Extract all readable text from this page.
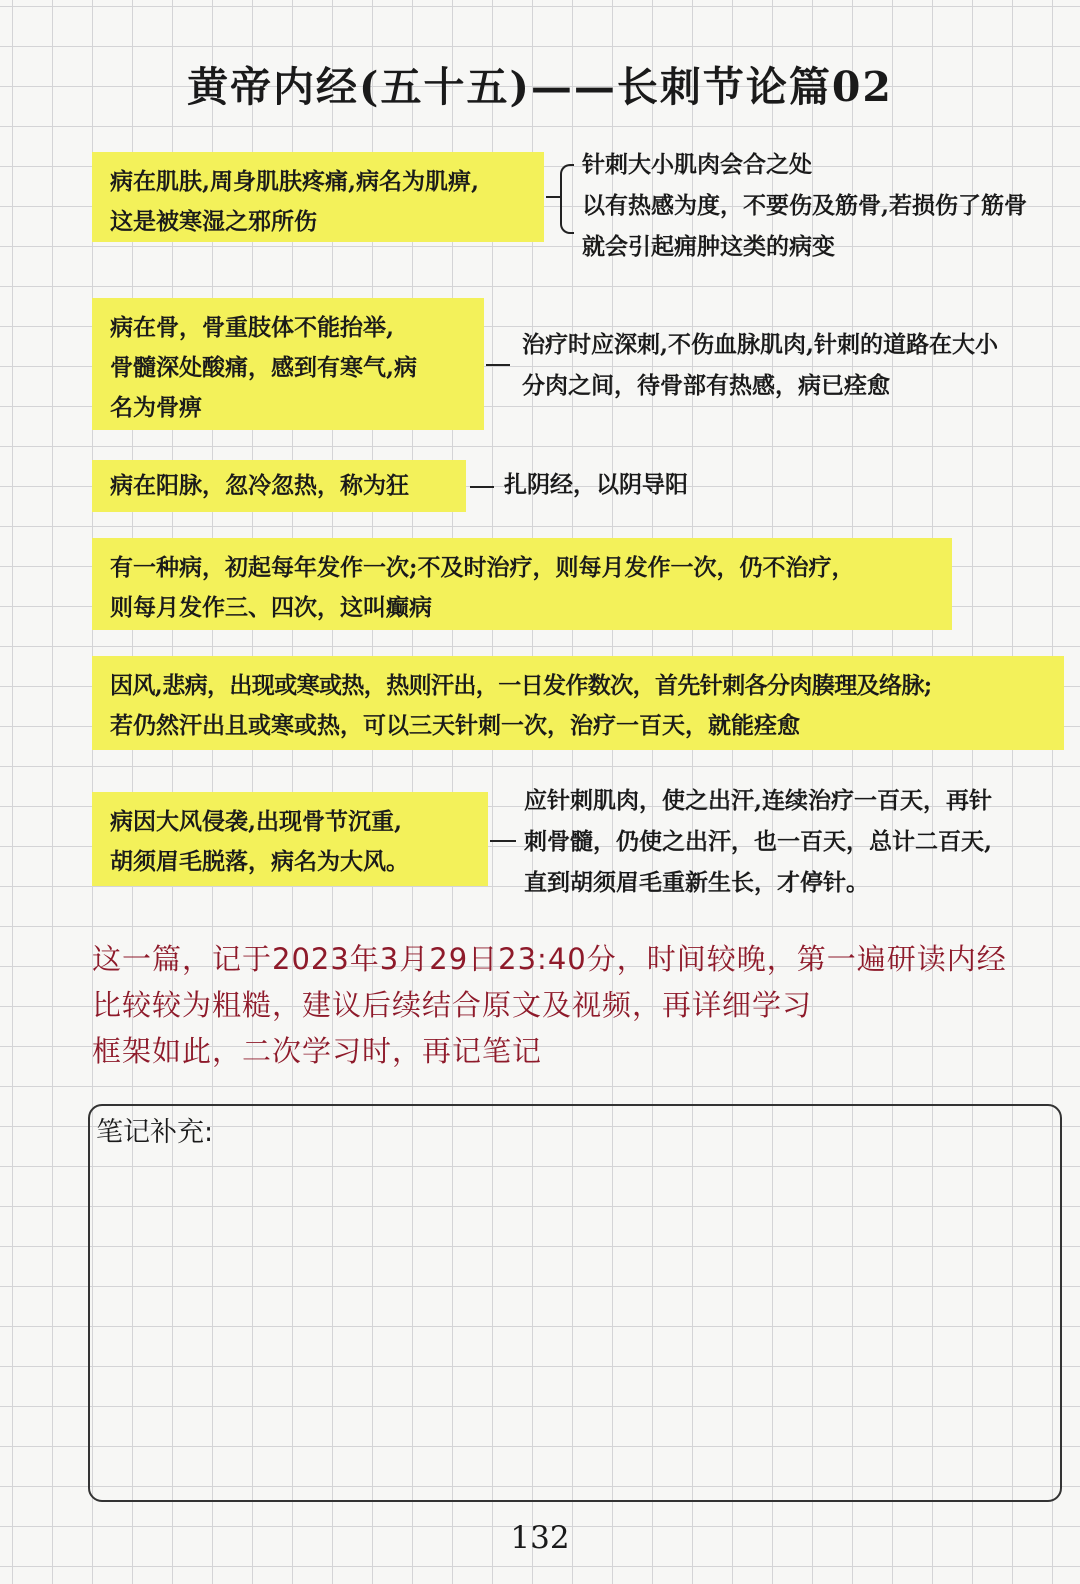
黄帝内经(五十五)——长刺节论篇02
病在肌肤,周身肌肤疼痛,病名为肌痹,
这是被寒湿之邪所伤
针刺大小肌肉会合之处
以有热感为度，不要伤及筋骨,若损伤了筋骨
就会引起痈肿这类的病变
病在骨，骨重肢体不能抬举,
骨髓深处酸痛，感到有寒气,病
名为骨痹
治疗时应深刺,不伤血脉肌肉,针刺的道路在大小
分肉之间，待骨部有热感，病已痊愈
病在阳脉，忽冷忽热，称为狂	扎阴经，以阴导阳
有一种病，初起每年发作一次;不及时治疗，则每月发作一次，仍不治疗，
则每月发作三、四次，这叫癫病
因风,悲病，出现或寒或热，热则汗出，一日发作数次，首先针刺各分肉腠理及络脉;
若仍然汗出且或寒或热，可以三天针刺一次，治疗一百天，就能痊愈
病因大风侵袭,出现骨节沉重,
胡须眉毛脱落，病名为大风。
应针刺肌肉，使之出汗,连续治疗一百天，再针
刺骨髓，仍使之出汗，也一百天，总计二百天,
直到胡须眉毛重新生长，才停针。
这一篇，记于2023年3月29日23:40分，时间较晚，第一遍研读内经
比较较为粗糙，建议后续结合原文及视频，再详细学习
框架如此，二次学习时，再记笔记
笔记补充:
132
